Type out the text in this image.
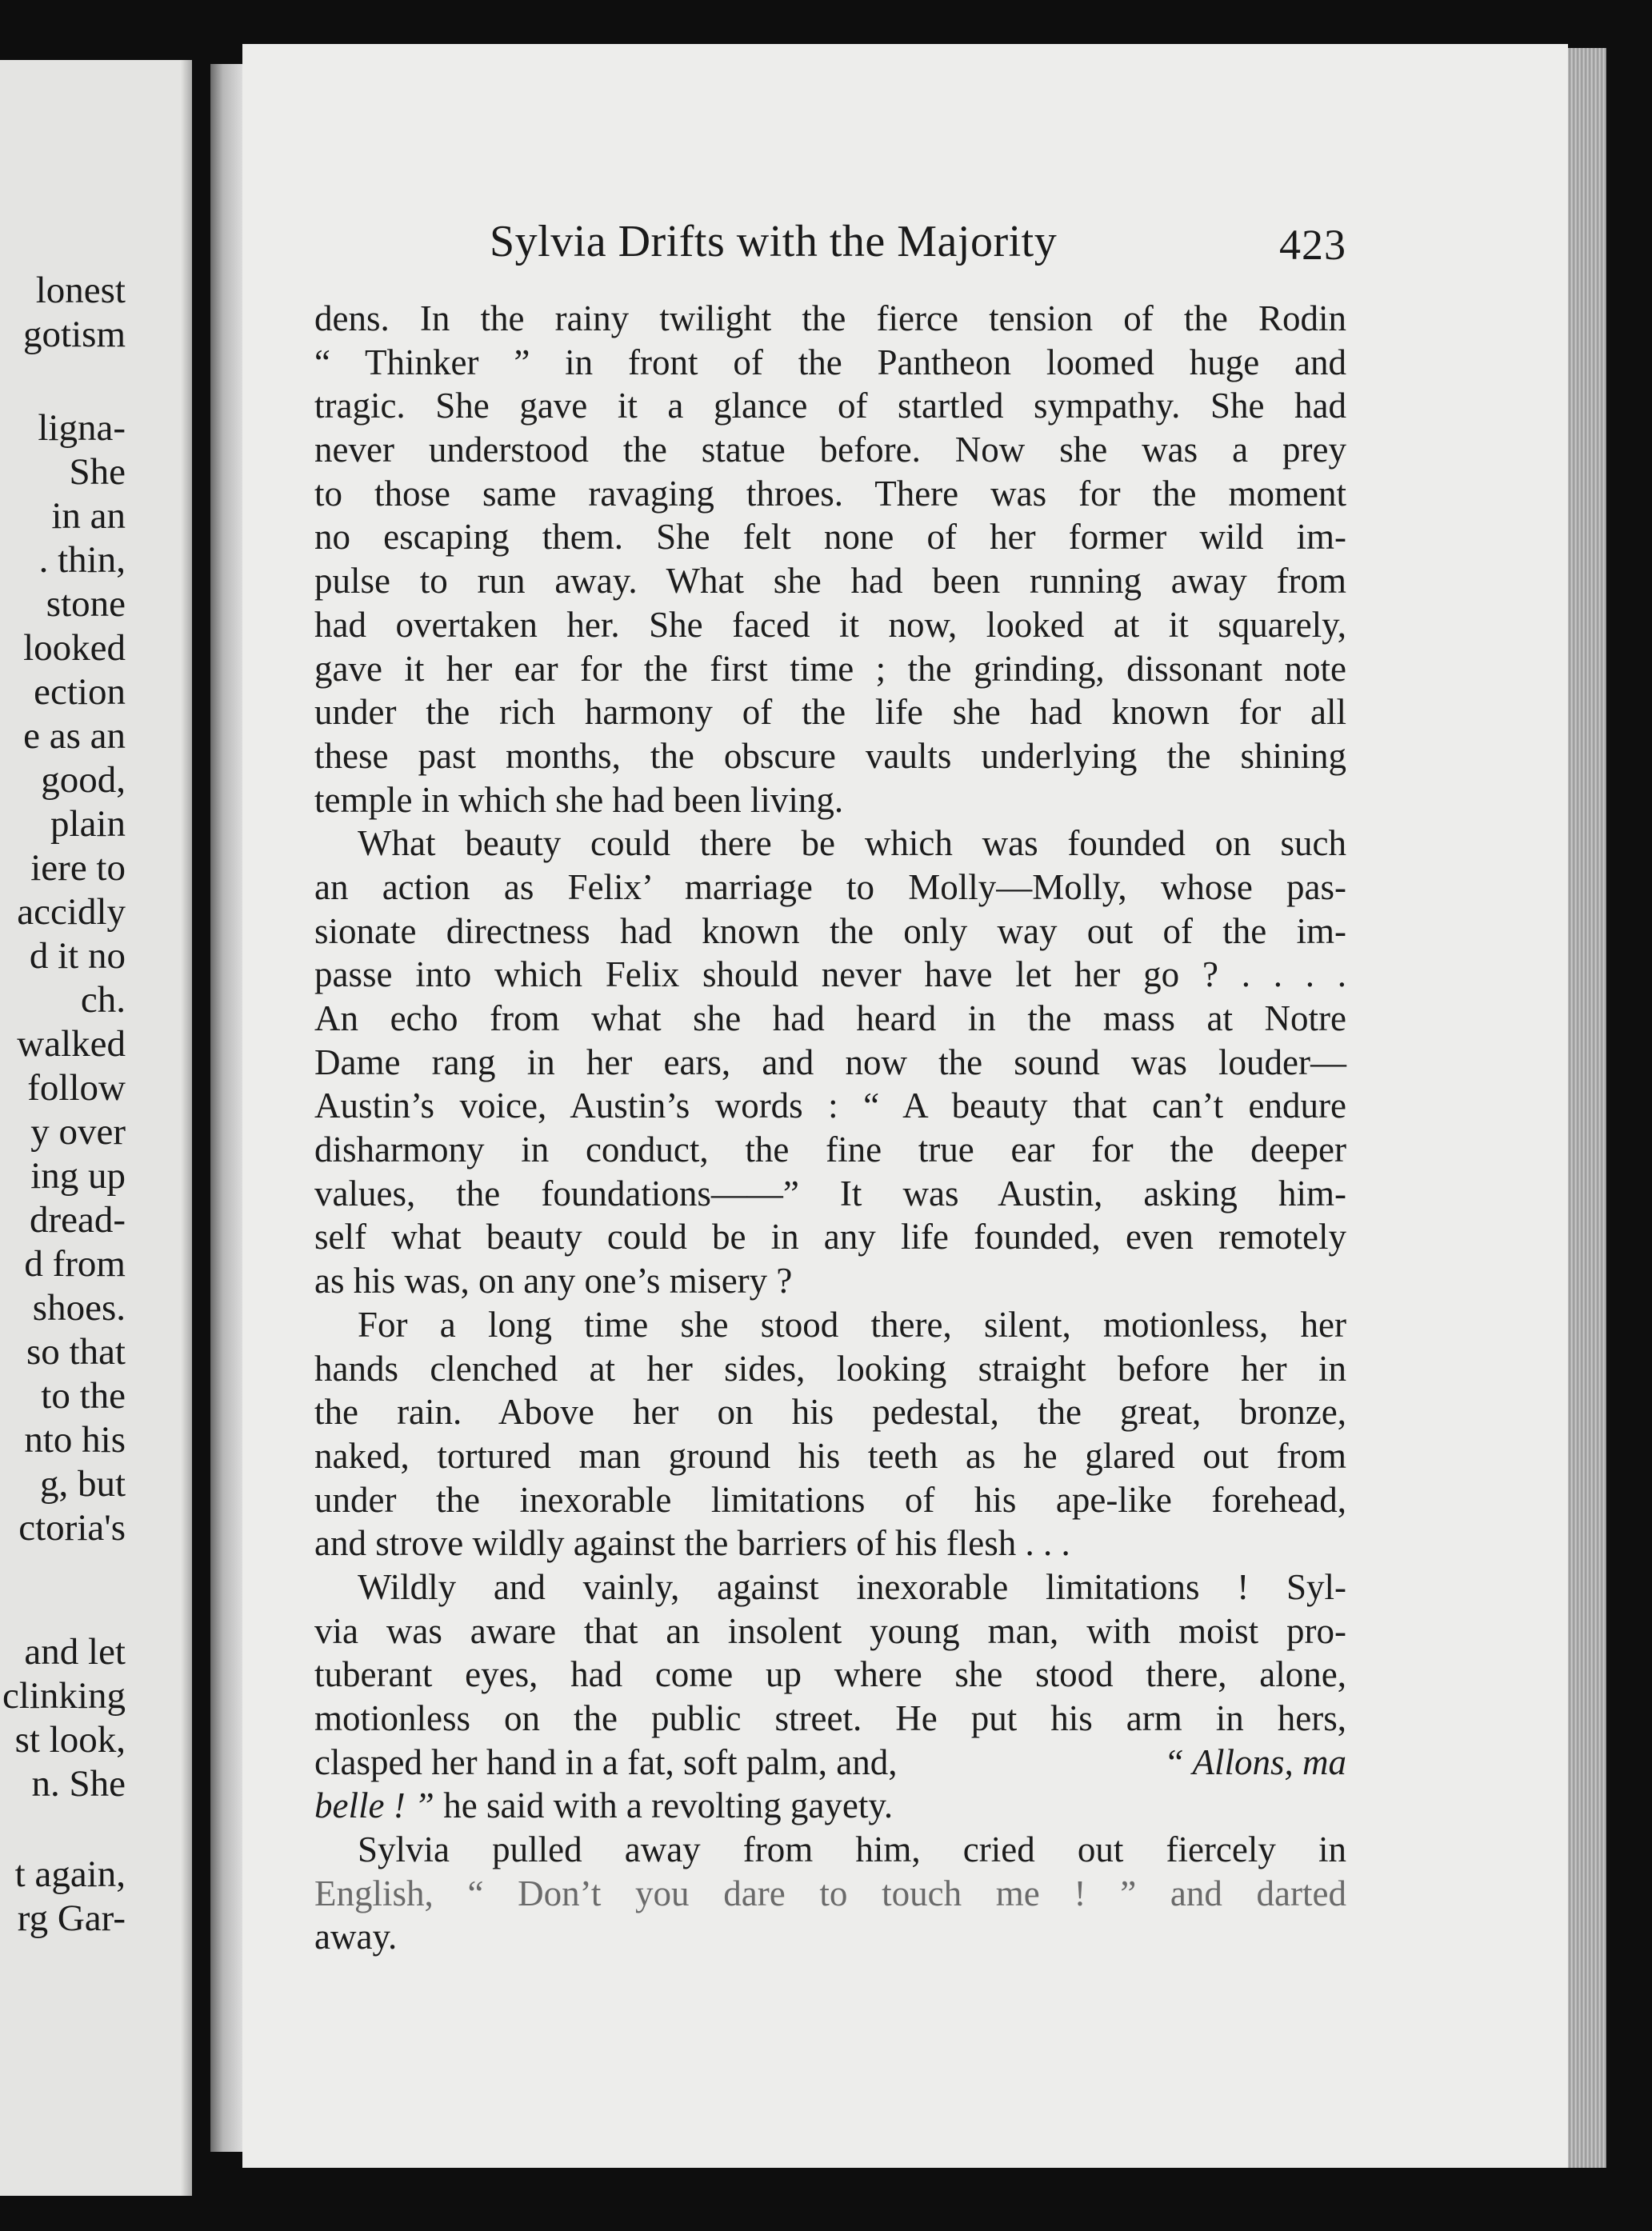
lonest
gotism
ligna-
She
in an
. thin,
stone
looked
ection
e as an
good,
plain
iere to
accidly
d it no
ch.
walked
follow
y over
ing up
dread-
d from
shoes.
so that
to the
nto his
g, but
ctoria's
and let
clinking
st look,
n. She
t again,
rg Gar-
Sylvia Drifts with the Majority	423
dens. In the rainy twilight the fierce tension of the Rodin
“ Thinker ” in front of the Pantheon loomed huge and
tragic. She gave it a glance of startled sympathy. She had
never understood the statue before. Now she was a prey
to those same ravaging throes. There was for the moment
no escaping them. She felt none of her former wild im-
pulse to run away. What she had been running away from
had overtaken her. She faced it now, looked at it squarely,
gave it her ear for the first time ; the grinding, dissonant note
under the rich harmony of the life she had known for all
these past months, the obscure vaults underlying the shining
temple in which she had been living.
What beauty could there be which was founded on such
an action as Felix’ marriage to Molly—Molly, whose pas-
sionate directness had known the only way out of the im-
passe into which Felix should never have let her go ? . . . .
An echo from what she had heard in the mass at Notre
Dame rang in her ears, and now the sound was louder—
Austin’s voice, Austin’s words : “ A beauty that can’t endure
disharmony in conduct, the fine true ear for the deeper
values, the foundations——” It was Austin, asking him-
self what beauty could be in any life founded, even remotely
as his was, on any one’s misery ?
For a long time she stood there, silent, motionless, her
hands clenched at her sides, looking straight before her in
the rain. Above her on his pedestal, the great, bronze,
naked, tortured man ground his teeth as he glared out from
under the inexorable limitations of his ape-like forehead,
and strove wildly against the barriers of his flesh . . .
Wildly and vainly, against inexorable limitations ! Syl-
via was aware that an insolent young man, with moist pro-
tuberant eyes, had come up where she stood there, alone,
motionless on the public street. He put his arm in hers,
clasped her hand in a fat, soft palm, and,	“ Allons, ma
belle ! ” he said with a revolting gayety.
Sylvia pulled away from him, cried out fiercely in
English, “ Don’t you dare to touch me ! ” and darted
away.
